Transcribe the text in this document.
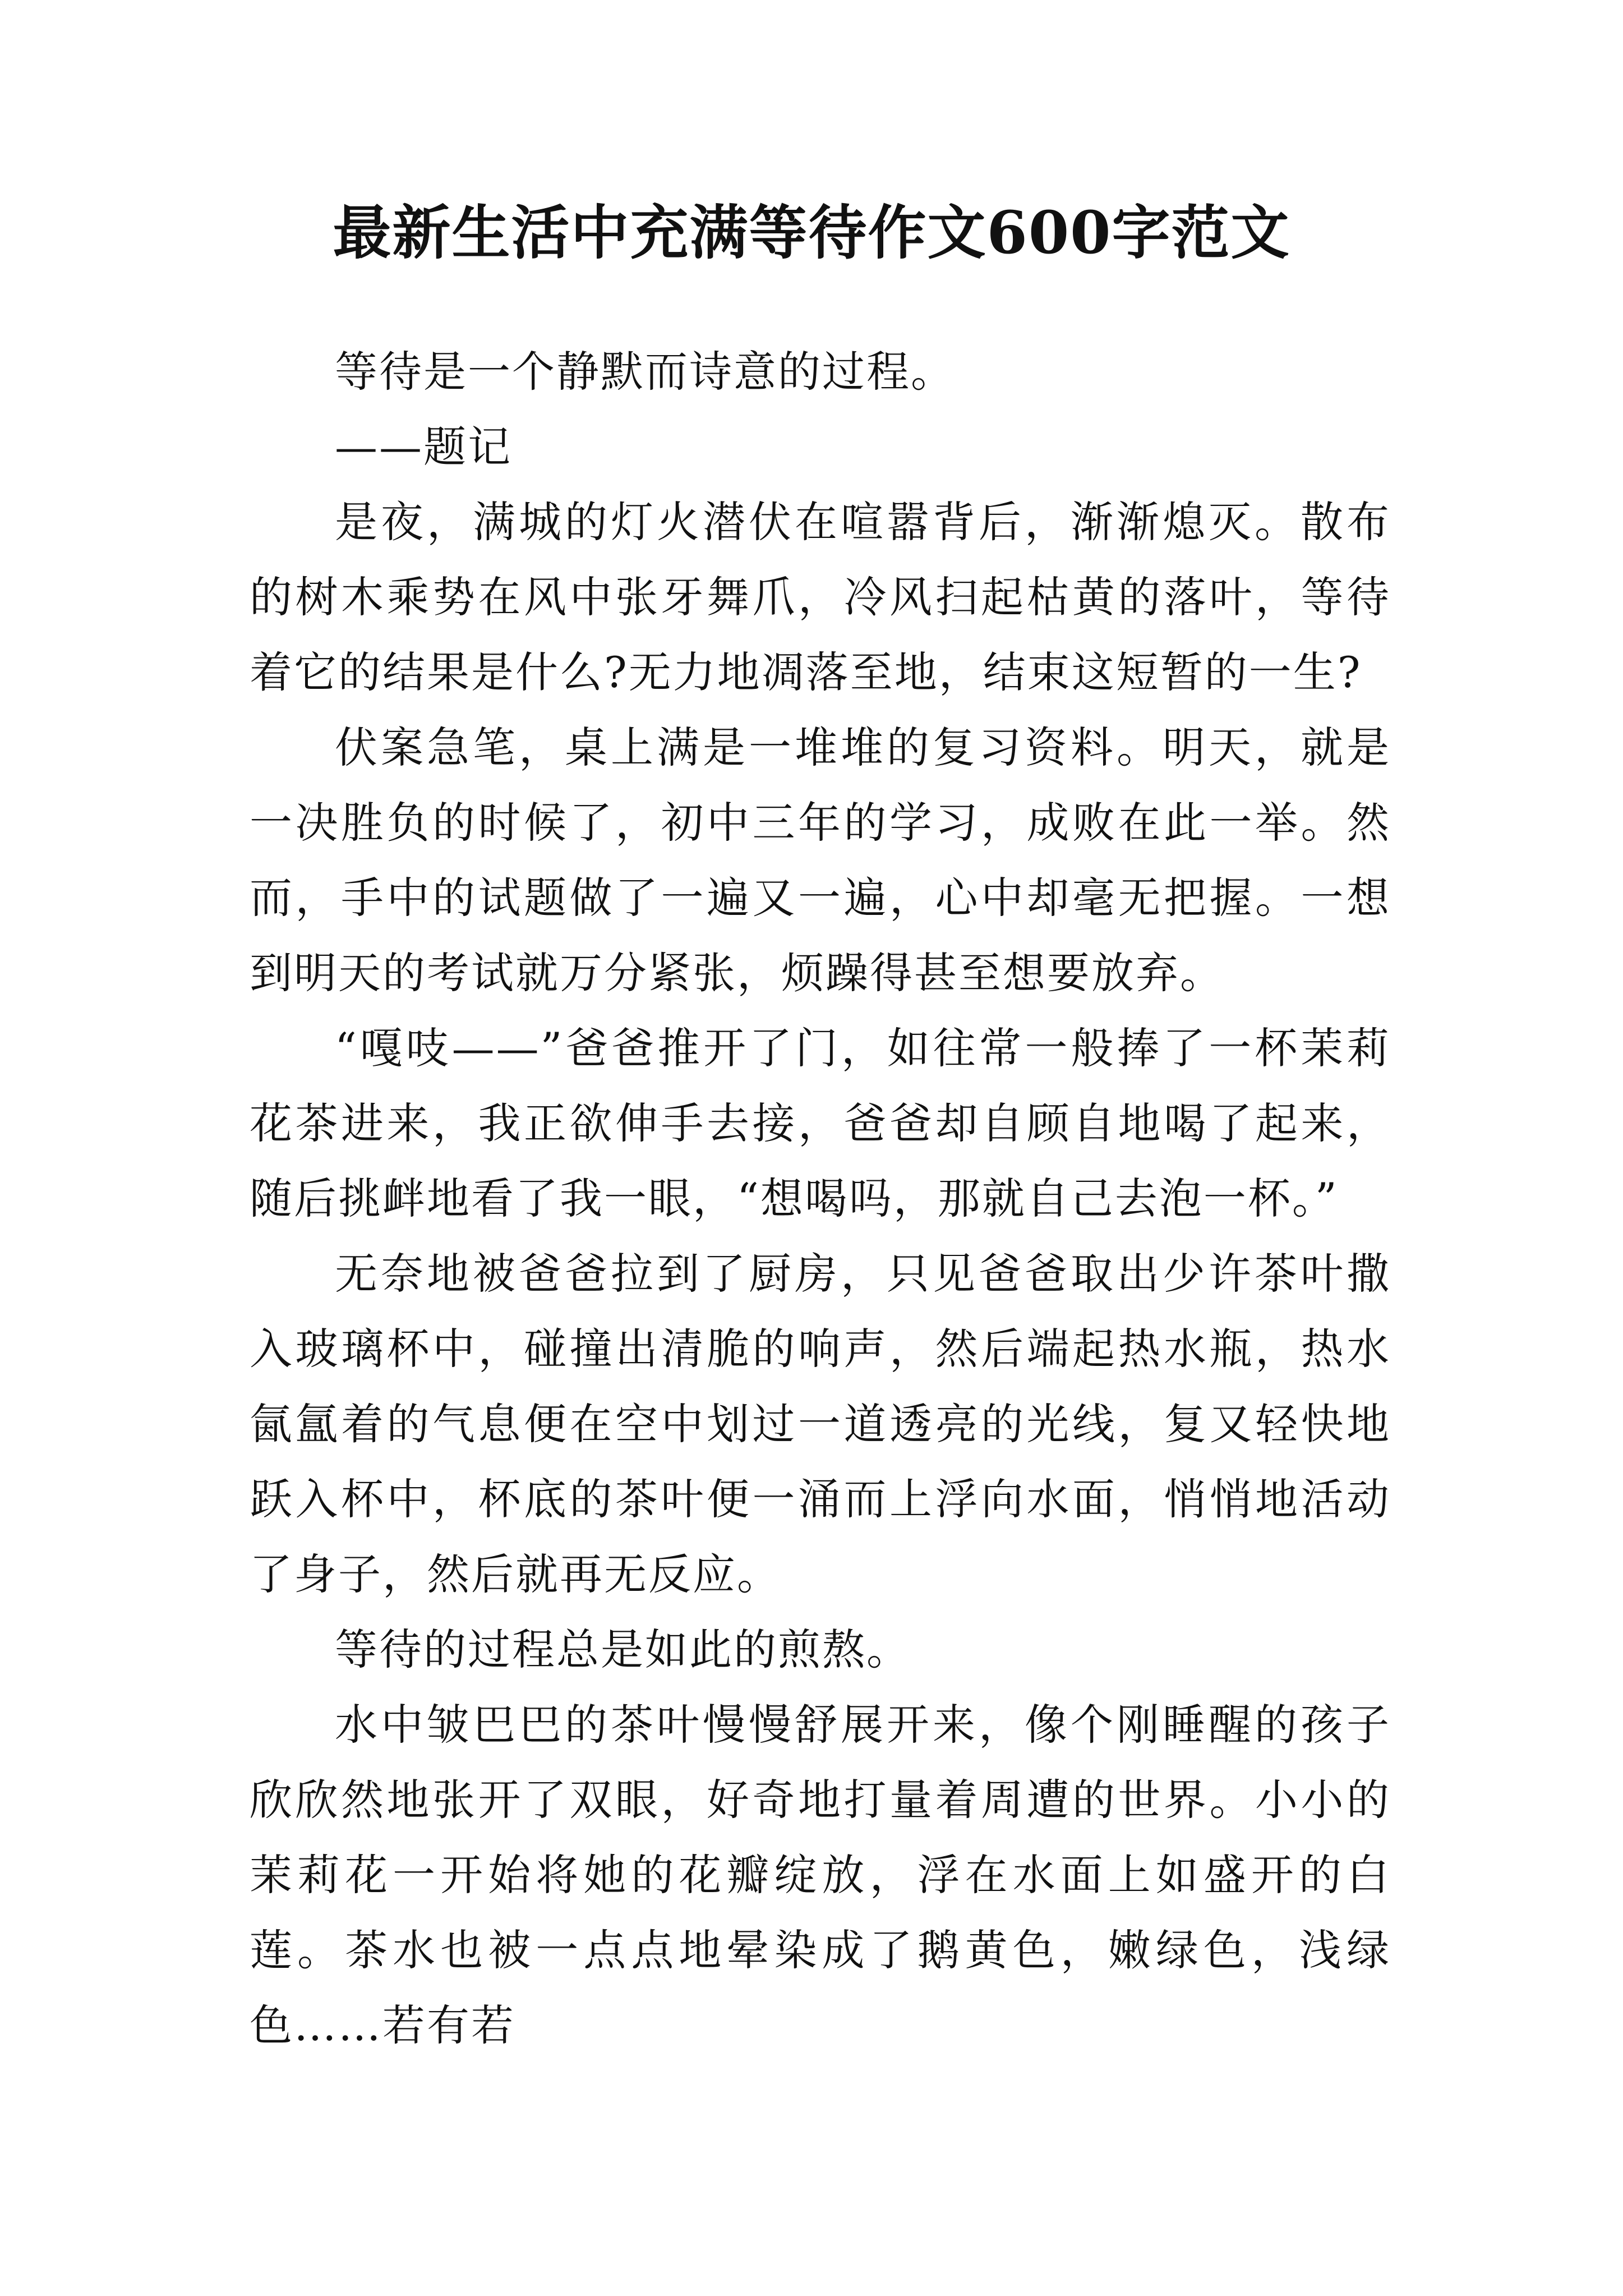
最新生活中充满等待作文600字范文

等待是一个静默而诗意的过程。

——题记

是夜，满城的灯火潜伏在喧嚣背后，渐渐熄灭。散布的树木乘势在风中张牙舞爪，冷风扫起枯黄的落叶，等待着它的结果是什么?无力地凋落至地，结束这短暂的一生?

伏案急笔，桌上满是一堆堆的复习资料。明天，就是一决胜负的时候了，初中三年的学习，成败在此一举。然而，手中的试题做了一遍又一遍，心中却毫无把握。一想到明天的考试就万分紧张，烦躁得甚至想要放弃。

“嘎吱——”爸爸推开了门，如往常一般捧了一杯茉莉花茶进来，我正欲伸手去接，爸爸却自顾自地喝了起来，随后挑衅地看了我一眼，“想喝吗，那就自己去泡一杯。”

无奈地被爸爸拉到了厨房，只见爸爸取出少许茶叶撒入玻璃杯中，碰撞出清脆的响声，然后端起热水瓶，热水氤氲着的气息便在空中划过一道透亮的光线，复又轻快地跃入杯中，杯底的茶叶便一涌而上浮向水面，悄悄地活动了身子，然后就再无反应。

等待的过程总是如此的煎熬。

水中皱巴巴的茶叶慢慢舒展开来，像个刚睡醒的孩子欣欣然地张开了双眼，好奇地打量着周遭的世界。小小的茉莉花一开始将她的花瓣绽放，浮在水面上如盛开的白莲。茶水也被一点点地晕染成了鹅黄色，嫩绿色，浅绿色……若有若
